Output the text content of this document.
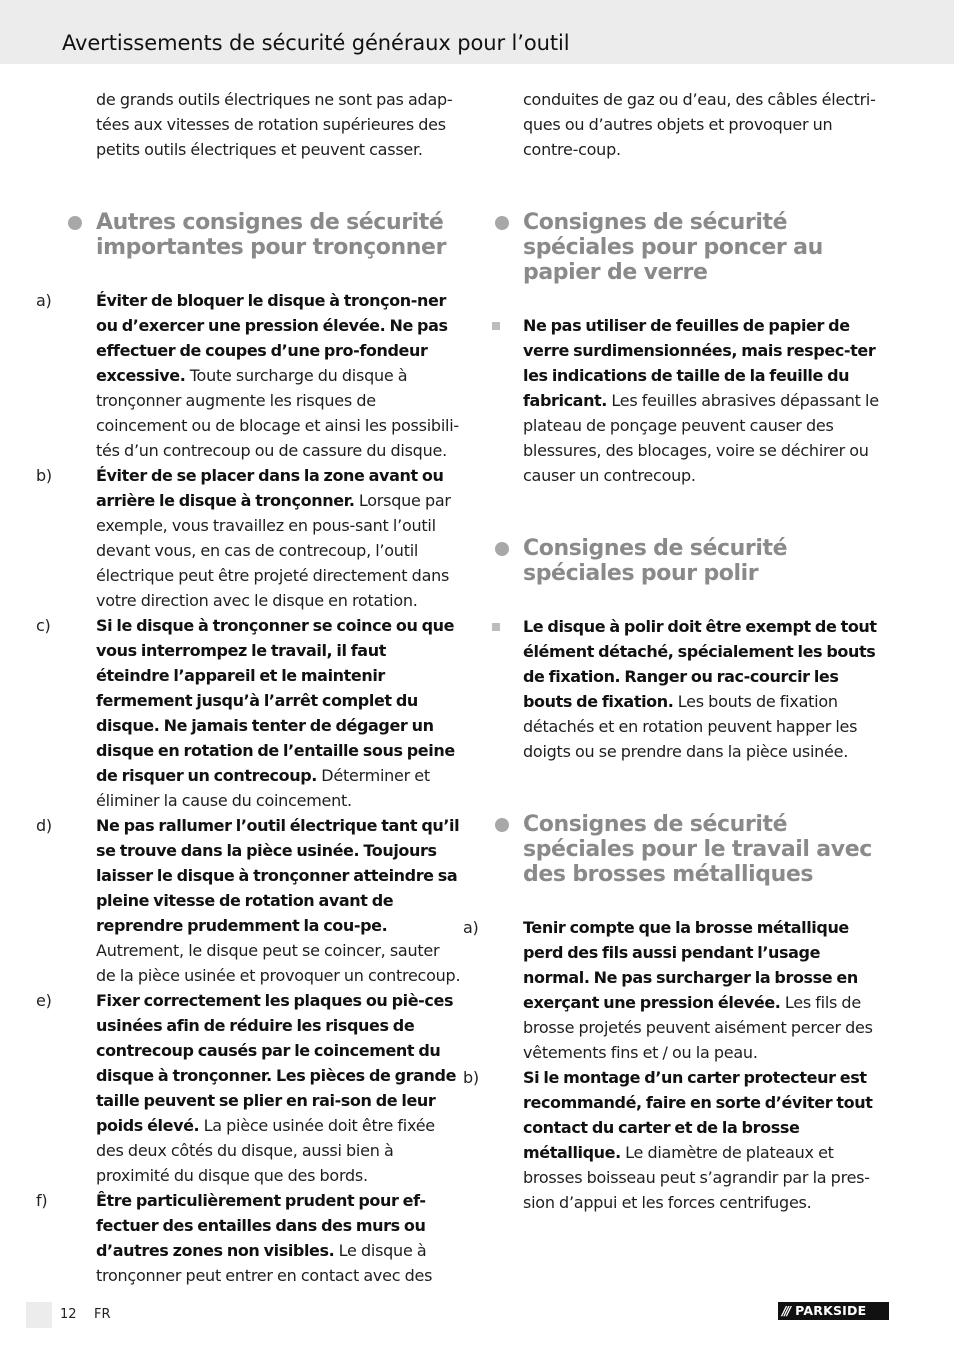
Avertissements de sécurité généraux pour l’outil

de grands outils électriques ne sont pas adap-tées aux vitesses de rotation supérieures des petits outils électriques et peuvent casser.

Autres consignes de sécurité importantes pour tronçonner
a)	Éviter de bloquer le disque à tronçon-ner ou d’exercer une pression élevée. Ne pas effectuer de coupes d’une pro-fondeur excessive. Toute surcharge du disque à tronçonner augmente les risques de coincement ou de blocage et ainsi les possibili-tés d’un contrecoup ou de cassure du disque.
b)	Éviter de se placer dans la zone avant ou arrière le disque à tronçonner. Lorsque par exemple, vous travaillez en pous-sant l’outil devant vous, en cas de contrecoup, l’outil électrique peut être projeté directement dans votre direction avec le disque en rotation.
c)	Si le disque à tronçonner se coince ou que vous interrompez le travail, il faut éteindre l’appareil et le maintenir fermement jusqu’à l’arrêt complet du disque. Ne jamais tenter de dégager un disque en rotation de l’entaille sous peine de risquer un contrecoup. Déterminer et éliminer la cause du coincement.
d)	Ne pas rallumer l’outil électrique tant qu’il se trouve dans la pièce usinée. Toujours laisser le disque à tronçonner atteindre sa pleine vitesse de rotation avant de reprendre prudemment la cou-pe. Autrement, le disque peut se coincer, sauter de la pièce usinée et provoquer un contrecoup.
e)	Fixer correctement les plaques ou piè-ces usinées afin de réduire les risques de contrecoup causés par le coincement du disque à tronçonner. Les pièces de grande taille peuvent se plier en rai-son de leur poids élevé. La pièce usinée doit être fixée des deux côtés du disque, aussi bien à proximité du disque que des bords.
f)	Être particulièrement prudent pour ef-fectuer des entailles dans des murs ou d’autres zones non visibles. Le disque à tronçonner peut entrer en contact avec des

conduites de gaz ou d’eau, des câbles électri-ques ou d’autres objets et provoquer un contre-coup.

Consignes de sécurité spéciales pour poncer au papier de verre
Ne pas utiliser de feuilles de papier de verre surdimensionnées, mais respec-ter les indications de taille de la feuille du fabricant. Les feuilles abrasives dépassant le plateau de ponçage peuvent causer des blessures, des blocages, voire se déchirer ou causer un contrecoup.
Consignes de sécurité spéciales pour polir
Le disque à polir doit être exempt de tout élément détaché, spécialement les bouts de fixation. Ranger ou rac-courcir les bouts de fixation. Les bouts de fixation détachés et en rotation peuvent happer les doigts ou se prendre dans la pièce usinée.
Consignes de sécurité spéciales pour le travail avec des brosses métalliques
a)	Tenir compte que la brosse métallique perd des fils aussi pendant l’usage normal. Ne pas surcharger la brosse en exerçant une pression élevée. Les fils de brosse projetés peuvent aisément percer des vêtements fins et / ou la peau.
b)	Si le montage d’un carter protecteur est recommandé, faire en sorte d’éviter tout contact du carter et de la brosse métallique. Le diamètre de plateaux et brosses boisseau peut s’agrandir par la pres-sion d’appui et les forces centrifuges.
12 FR	/// PARKSIDE
